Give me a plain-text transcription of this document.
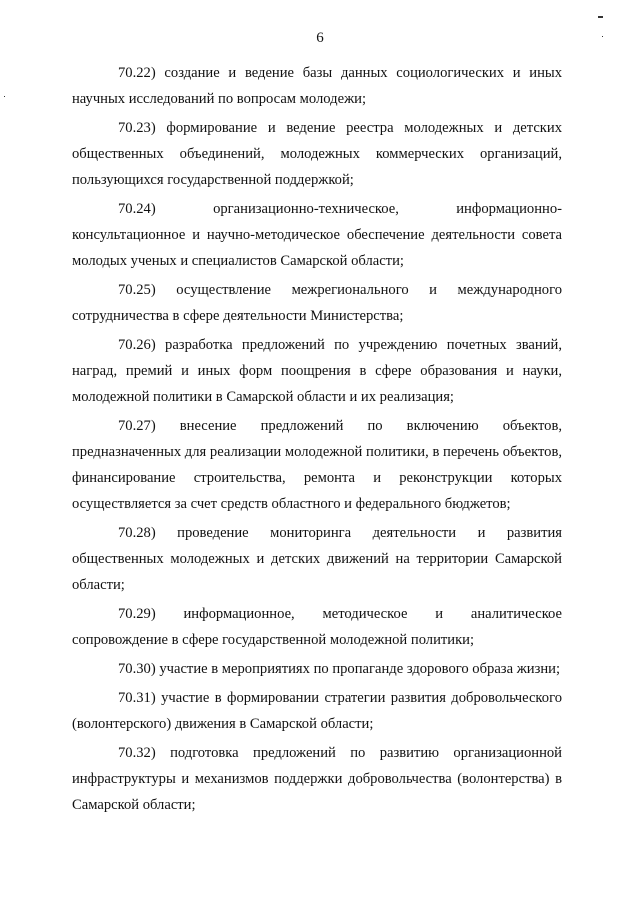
6

70.22) создание и ведение базы данных социологических и иных научных исследований по вопросам молодежи;

70.23) формирование и ведение реестра молодежных и детских общественных объединений, молодежных коммерческих организаций, пользующихся государственной поддержкой;

70.24) организационно-техническое, информационно-консультационное и научно-методическое обеспечение деятельности совета молодых ученых и специалистов Самарской области;

70.25) осуществление межрегионального и международного сотрудничества в сфере деятельности Министерства;

70.26) разработка предложений по учреждению почетных званий, наград, премий и иных форм поощрения в сфере образования и науки, молодежной политики в Самарской области и их реализация;

70.27) внесение предложений по включению объектов, предназначенных для реализации молодежной политики, в перечень объектов, финансирование строительства, ремонта и реконструкции которых осуществляется за счет средств областного и федерального бюджетов;

70.28) проведение мониторинга деятельности и развития общественных молодежных и детских движений на территории Самарской области;

70.29) информационное, методическое и аналитическое сопровождение в сфере государственной молодежной политики;

70.30) участие в мероприятиях по пропаганде здорового образа жизни;

70.31) участие в формировании стратегии развития добровольческого (волонтерского) движения в Самарской области;

70.32) подготовка предложений по развитию организационной инфраструктуры и механизмов поддержки добровольчества (волонтерства) в Самарской области;
